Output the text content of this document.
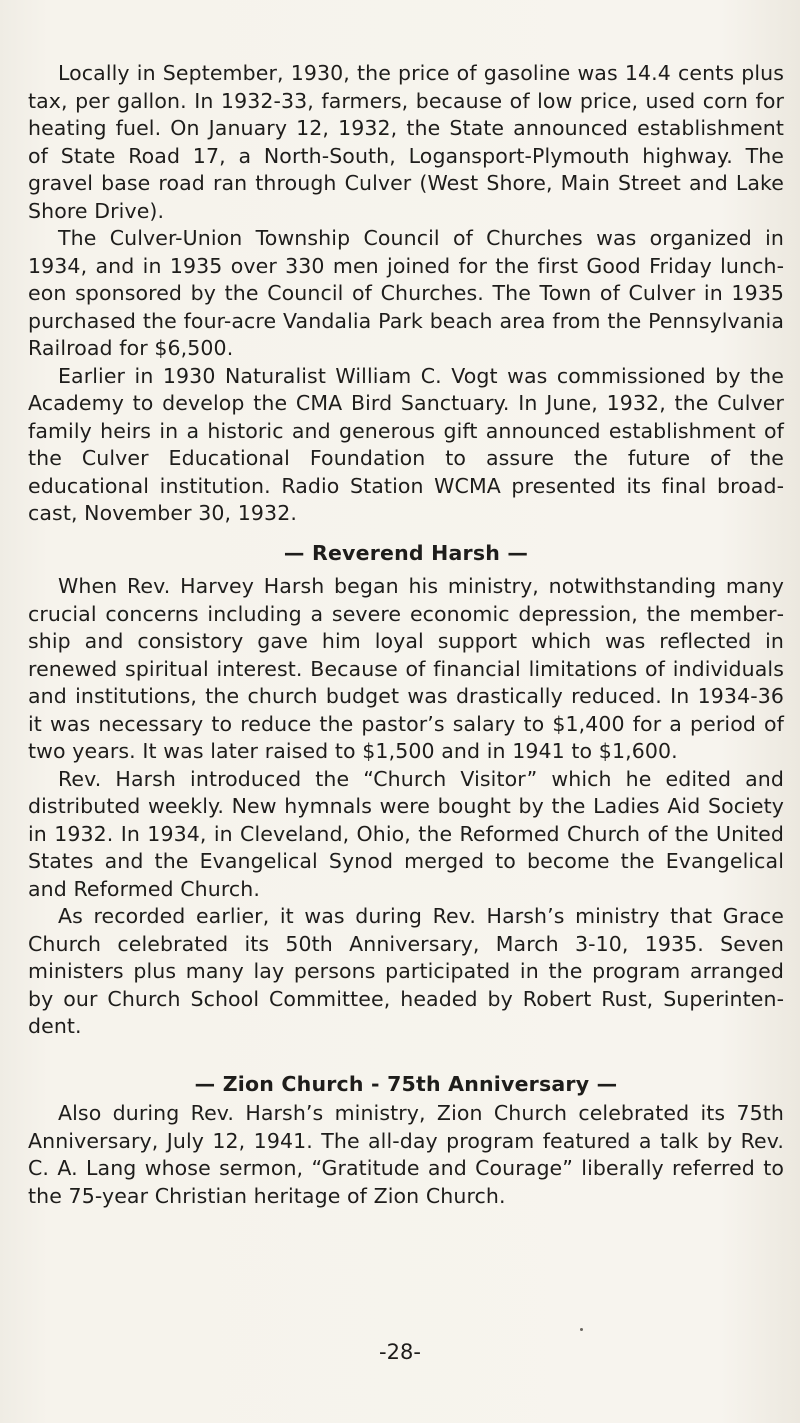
Locally in September, 1930, the price of gasoline was 14.4 cents plus tax, per gallon. In 1932-33, farmers, because of low price, used corn for heating fuel. On January 12, 1932, the State announced establishment of State Road 17, a North-South, Logansport-Plymouth highway. The gravel base road ran through Culver (West Shore, Main Street and Lake Shore Drive).

The Culver-Union Township Council of Churches was organized in 1934, and in 1935 over 330 men joined for the first Good Friday luncheon sponsored by the Council of Churches. The Town of Culver in 1935 purchased the four-acre Vandalia Park beach area from the Pennsylvania Railroad for $6,500.

Earlier in 1930 Naturalist William C. Vogt was commissioned by the Academy to develop the CMA Bird Sanctuary. In June, 1932, the Culver family heirs in a historic and generous gift announced establishment of the Culver Educational Foundation to assure the future of the educational institution. Radio Station WCMA presented its final broadcast, November 30, 1932.

— Reverend Harsh —

When Rev. Harvey Harsh began his ministry, notwithstanding many crucial concerns including a severe economic depression, the membership and consistory gave him loyal support which was reflected in renewed spiritual interest. Because of financial limitations of individuals and institutions, the church budget was drastically reduced. In 1934-36 it was necessary to reduce the pastor’s salary to $1,400 for a period of two years. It was later raised to $1,500 and in 1941 to $1,600.

Rev. Harsh introduced the “Church Visitor” which he edited and distributed weekly. New hymnals were bought by the Ladies Aid Society in 1932. In 1934, in Cleveland, Ohio, the Reformed Church of the United States and the Evangelical Synod merged to become the Evangelical and Reformed Church.

As recorded earlier, it was during Rev. Harsh’s ministry that Grace Church celebrated its 50th Anniversary, March 3-10, 1935. Seven ministers plus many lay persons participated in the program arranged by our Church School Committee, headed by Robert Rust, Superintendent.

— Zion Church - 75th Anniversary —

Also during Rev. Harsh’s ministry, Zion Church celebrated its 75th Anniversary, July 12, 1941. The all-day program featured a talk by Rev. C. A. Lang whose sermon, “Gratitude and Courage” liberally referred to the 75-year Christian heritage of Zion Church.

-28-
